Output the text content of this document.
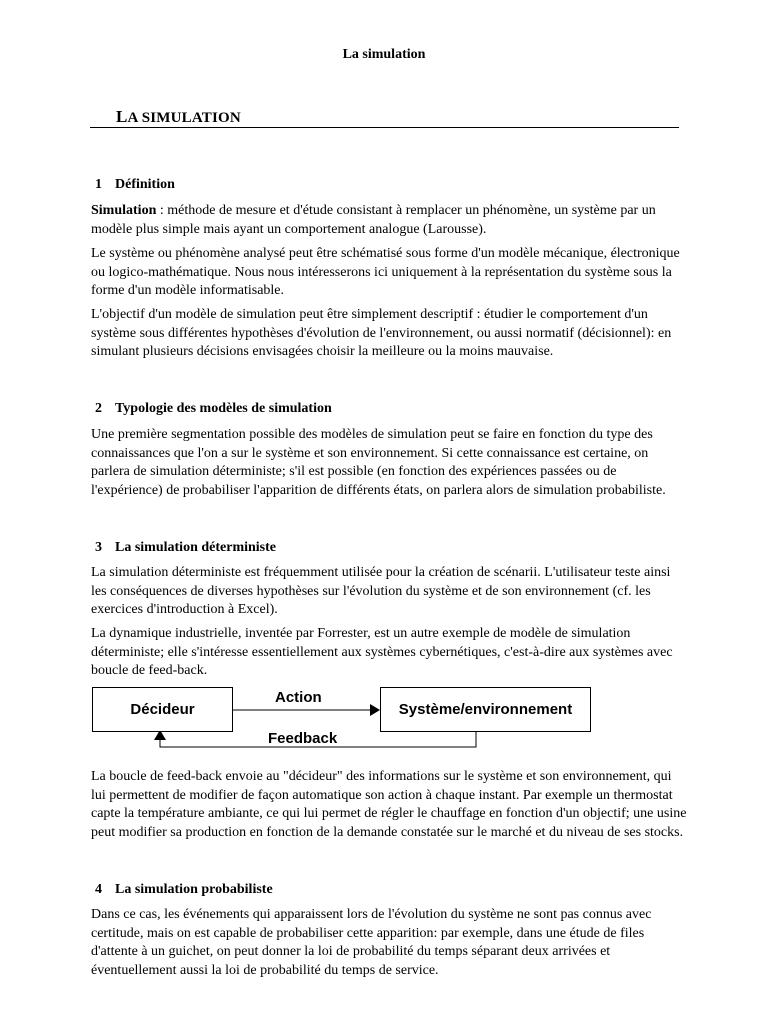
La simulation
LA SIMULATION
1 Définition
Simulation : méthode de mesure et d'étude consistant à remplacer un phénomène, un système par un modèle plus simple mais ayant un comportement analogue (Larousse).
Le système ou phénomène analysé peut être schématisé sous forme d'un modèle mécanique, électronique ou logico-mathématique. Nous nous intéresserons ici uniquement à la représentation du système sous la forme d'un modèle informatisable.
L'objectif d'un modèle de simulation peut être simplement descriptif : étudier le comportement d'un système sous différentes hypothèses d'évolution de l'environnement, ou aussi normatif (décisionnel): en simulant plusieurs décisions envisagées choisir la meilleure ou la moins mauvaise.
2 Typologie des modèles de simulation
Une première segmentation possible des modèles de simulation peut se faire en fonction du type des connaissances que l'on a sur le système et son environnement. Si cette connaissance est certaine, on parlera de simulation déterministe; s'il est possible (en fonction des expériences passées ou de l'expérience) de probabiliser l'apparition de différents états, on parlera alors de simulation probabiliste.
3 La simulation déterministe
La simulation déterministe est fréquemment utilisée pour la création de scénarii. L'utilisateur teste ainsi les conséquences de diverses hypothèses sur l'évolution du système et de son environnement (cf. les exercices d'introduction à Excel).
La dynamique industrielle, inventée par Forrester, est un autre exemple de modèle de simulation déterministe; elle s'intéresse essentiellement aux systèmes cybernétiques, c'est-à-dire aux systèmes avec boucle de feed-back.
Décideur	Système/environnement
Action
Feedback
La boucle de feed-back envoie au "décideur" des informations sur le système et son environnement, qui lui permettent de modifier de façon automatique son action à chaque instant. Par exemple un thermostat capte la température ambiante, ce qui lui permet de régler le chauffage en fonction d'un objectif; une usine peut modifier sa production en fonction de la demande constatée sur le marché et du niveau de ses stocks.
4 La simulation probabiliste
Dans ce cas, les événements qui apparaissent lors de l'évolution du système ne sont pas connus avec certitude, mais on est capable de probabiliser cette apparition: par exemple, dans une étude de files d'attente à un guichet, on peut donner la loi de probabilité du temps séparant deux arrivées et éventuellement aussi la loi de probabilité du temps de service.
